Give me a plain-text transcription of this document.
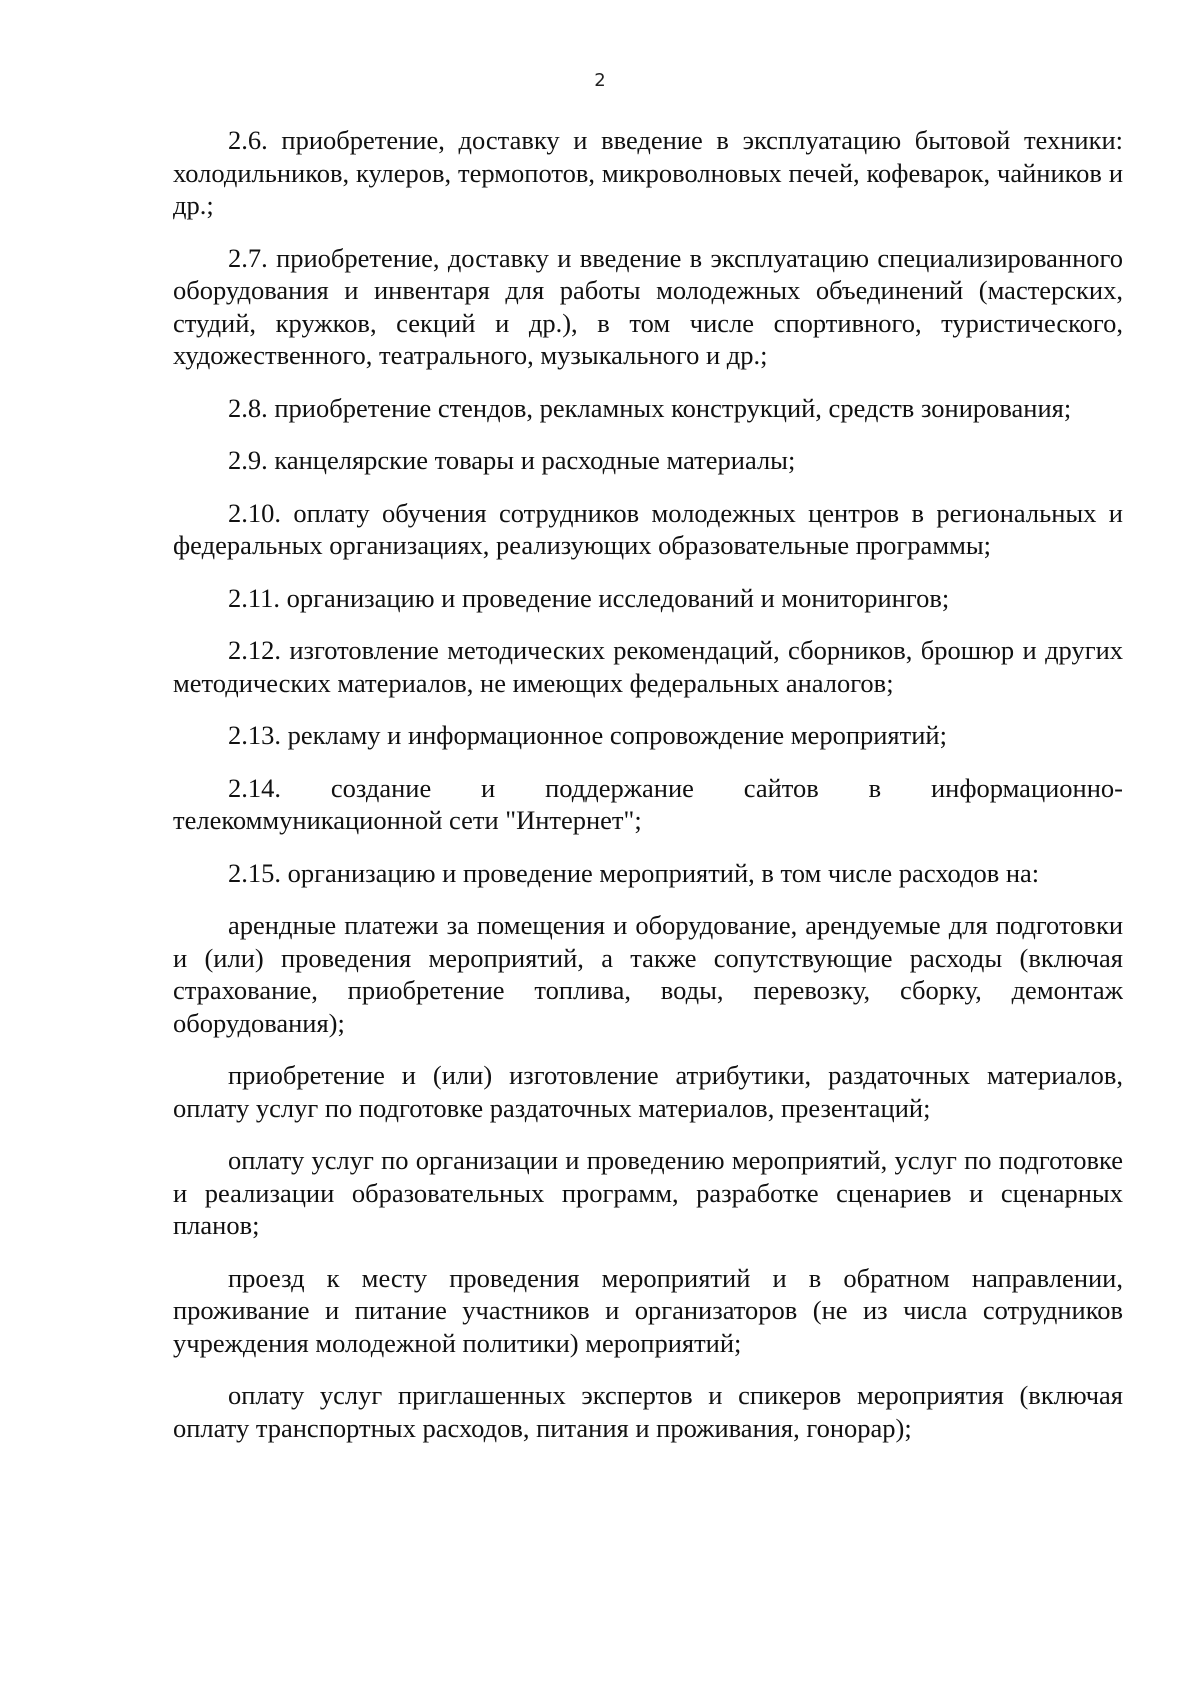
2

2.6. приобретение, доставку и введение в эксплуатацию бытовой техники: холодильников, кулеров, термопотов, микроволновых печей, кофеварок, чайников и др.;

2.7. приобретение, доставку и введение в эксплуатацию специализированного оборудования и инвентаря для работы молодежных объединений (мастерских, студий, кружков, секций и др.), в том числе спортивного, туристического, художественного, театрального, музыкального и др.;

2.8. приобретение стендов, рекламных конструкций, средств зонирования;

2.9. канцелярские товары и расходные материалы;

2.10. оплату обучения сотрудников молодежных центров в региональных и федеральных организациях, реализующих образовательные программы;

2.11. организацию и проведение исследований и мониторингов;

2.12. изготовление методических рекомендаций, сборников, брошюр и других методических материалов, не имеющих федеральных аналогов;

2.13. рекламу и информационное сопровождение мероприятий;

2.14. создание и поддержание сайтов в информационно-телекоммуникационной сети "Интернет";

2.15. организацию и проведение мероприятий, в том числе расходов на:

арендные платежи за помещения и оборудование, арендуемые для подготовки и (или) проведения мероприятий, а также сопутствующие расходы (включая страхование, приобретение топлива, воды, перевозку, сборку, демонтаж оборудования);

приобретение и (или) изготовление атрибутики, раздаточных материалов, оплату услуг по подготовке раздаточных материалов, презентаций;

оплату услуг по организации и проведению мероприятий, услуг по подготовке и реализации образовательных программ, разработке сценариев и сценарных планов;

проезд к месту проведения мероприятий и в обратном направлении, проживание и питание участников и организаторов (не из числа сотрудников учреждения молодежной политики) мероприятий;

оплату услуг приглашенных экспертов и спикеров мероприятия (включая оплату транспортных расходов, питания и проживания, гонорар);
